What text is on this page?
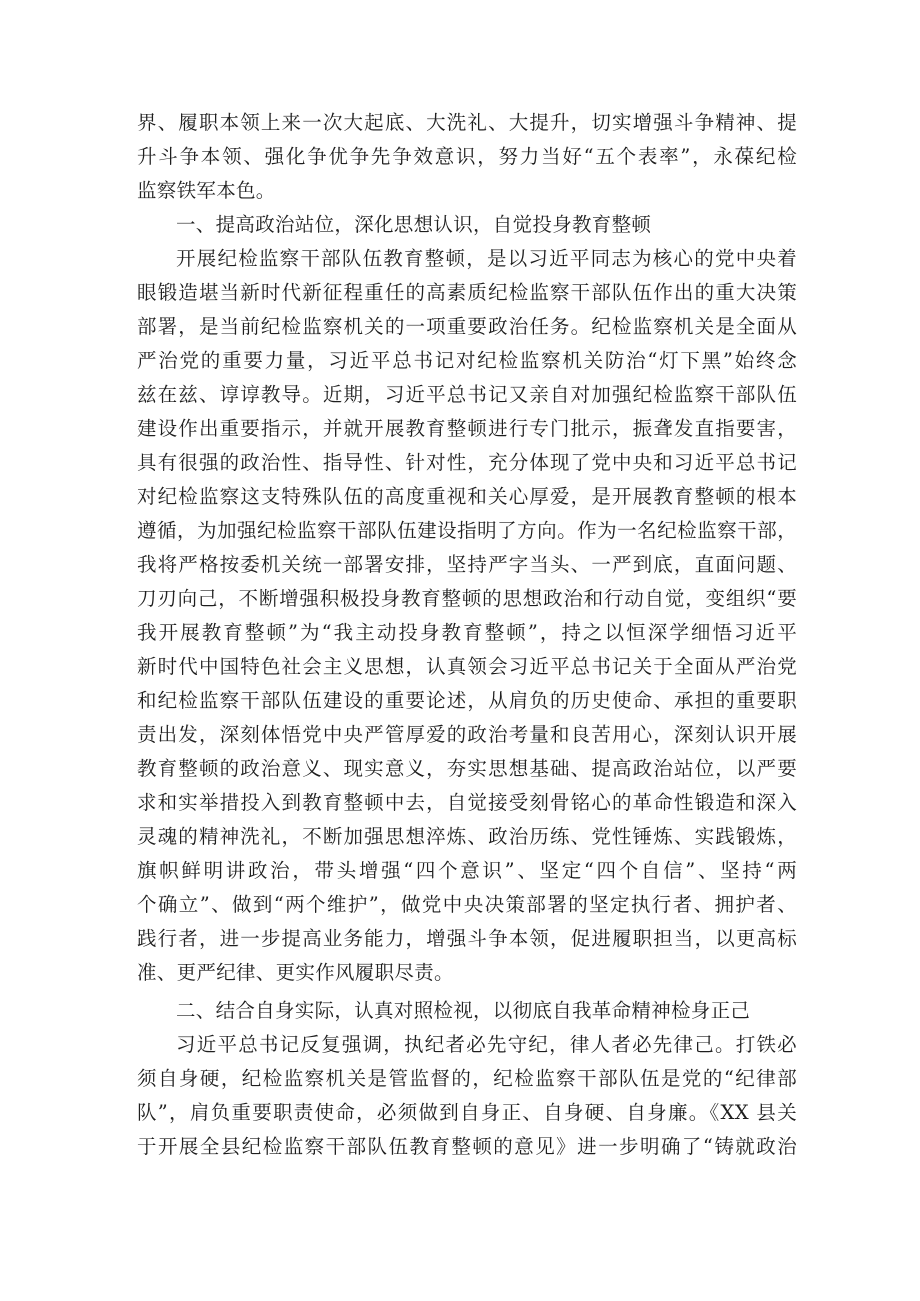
界、履职本领上来一次大起底、大洗礼、大提升，切实增强斗争精神、提
升斗争本领、强化争优争先争效意识，努力当好“五个表率”，永葆纪检
监察铁军本色。
一、提高政治站位，深化思想认识，自觉投身教育整顿
开展纪检监察干部队伍教育整顿，是以习近平同志为核心的党中央着
眼锻造堪当新时代新征程重任的高素质纪检监察干部队伍作出的重大决策
部署，是当前纪检监察机关的一项重要政治任务。纪检监察机关是全面从
严治党的重要力量，习近平总书记对纪检监察机关防治“灯下黑”始终念
兹在兹、谆谆教导。近期，习近平总书记又亲自对加强纪检监察干部队伍
建设作出重要指示，并就开展教育整顿进行专门批示，振聋发直指要害，
具有很强的政治性、指导性、针对性，充分体现了党中央和习近平总书记
对纪检监察这支特殊队伍的高度重视和关心厚爱，是开展教育整顿的根本
遵循，为加强纪检监察干部队伍建设指明了方向。作为一名纪检监察干部，
我将严格按委机关统一部署安排，坚持严字当头、一严到底，直面问题、
刀刃向己，不断增强积极投身教育整顿的思想政治和行动自觉，变组织“要
我开展教育整顿”为“我主动投身教育整顿”，持之以恒深学细悟习近平
新时代中国特色社会主义思想，认真领会习近平总书记关于全面从严治党
和纪检监察干部队伍建设的重要论述，从肩负的历史使命、承担的重要职
责出发，深刻体悟党中央严管厚爱的政治考量和良苦用心，深刻认识开展
教育整顿的政治意义、现实意义，夯实思想基础、提高政治站位，以严要
求和实举措投入到教育整顿中去，自觉接受刻骨铭心的革命性锻造和深入
灵魂的精神洗礼，不断加强思想淬炼、政治历练、党性锤炼、实践锻炼，
旗帜鲜明讲政治，带头增强“四个意识”、坚定“四个自信”、坚持“两
个确立”、做到“两个维护”，做党中央决策部署的坚定执行者、拥护者、
践行者，进一步提高业务能力，增强斗争本领，促进履职担当，以更高标
准、更严纪律、更实作风履职尽责。
二、结合自身实际，认真对照检视，以彻底自我革命精神检身正己
习近平总书记反复强调，执纪者必先守纪，律人者必先律己。打铁必
须自身硬，纪检监察机关是管监督的，纪检监察干部队伍是党的“纪律部
队”，肩负重要职责使命，必须做到自身正、自身硬、自身廉。《XX 县关
于开展全县纪检监察干部队伍教育整顿的意见》进一步明确了“铸就政治
